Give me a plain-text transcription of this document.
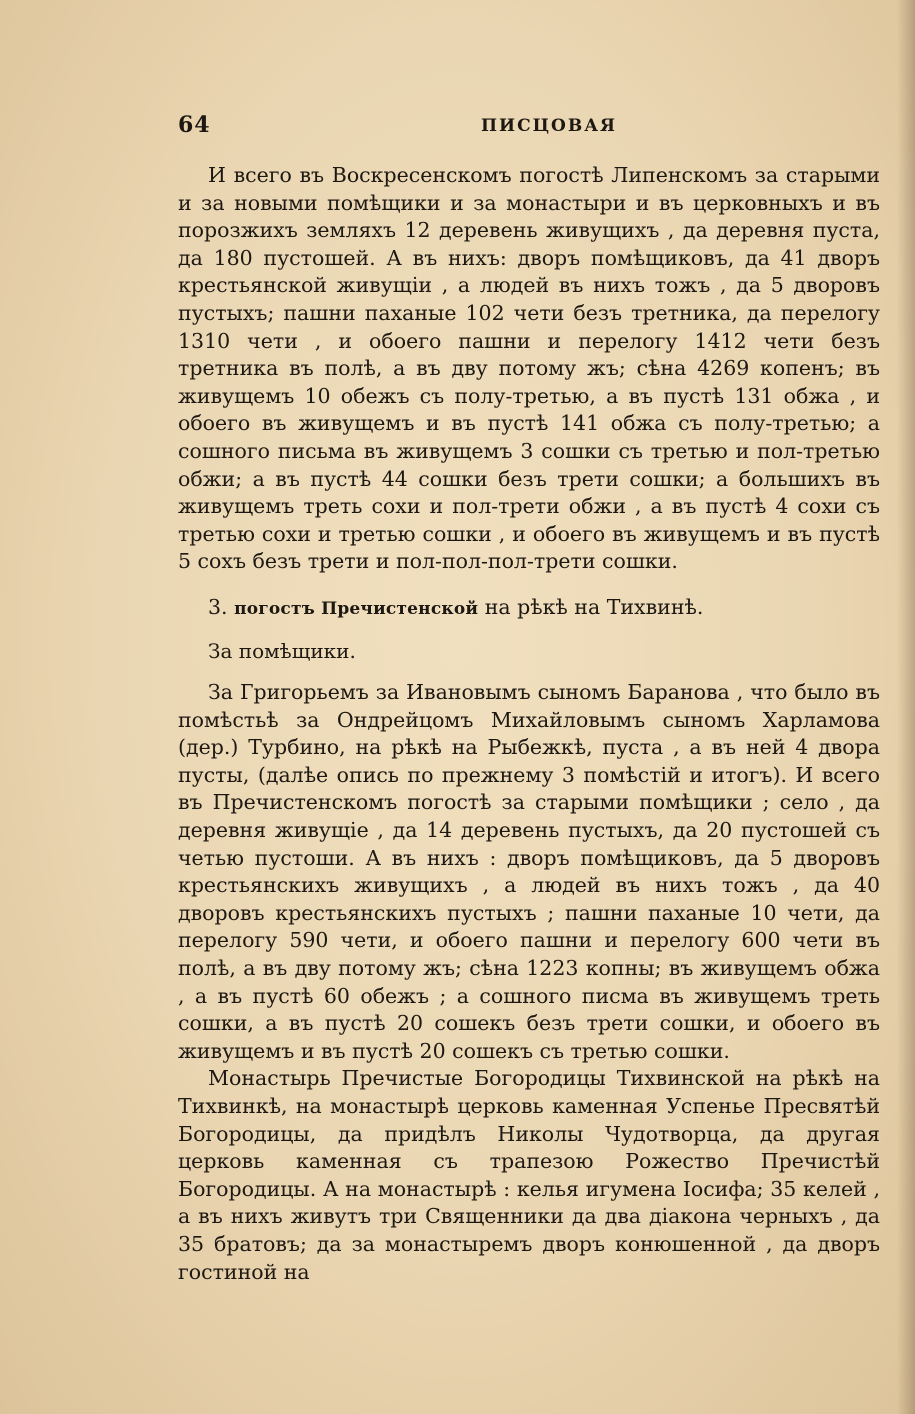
64	ПИСЦОВАЯ

И всего въ Воскресенскомъ погостѣ Липенскомъ за старыми и за новыми помѣщики и за монастыри и въ церковныхъ и въ порозжихъ земляхъ 12 деревень живущихъ , да деревня пуста, да 180 пустошей. А въ нихъ: дворъ помѣщиковъ, да 41 дворъ крестьянской живущіи , а людей въ нихъ тожъ , да 5 дворовъ пустыхъ; пашни паханые 102 чети безъ третника, да перелогу 1310 чети , и обоего пашни и перелогу 1412 чети безъ третника въ полѣ, а въ дву потому жъ; сѣна 4269 копенъ; въ живущемъ 10 обежъ съ полу-третью, а въ пустѣ 131 обжа , и обоего въ живущемъ и въ пустѣ 141 обжа съ полу-третью; а сошного письма въ живущемъ 3 сошки съ третью и пол-третью обжи; а въ пустѣ 44 сошки безъ трети сошки; а большихъ въ живущемъ треть сохи и пол-трети обжи , а въ пустѣ 4 сохи съ третью сохи и третью сошки , и обоего въ живущемъ и въ пустѣ 5 сохъ безъ трети и пол-пол-пол-трети сошки.

3. погостъ Пречистенской на рѣкѣ на Тихвинѣ.

За помѣщики.

За Григорьемъ за Ивановымъ сыномъ Баранова , что было въ помѣстьѣ за Ондрейцомъ Михайловымъ сыномъ Харламова (дер.) Турбино, на рѣкѣ на Рыбежкѣ, пуста , а въ ней 4 двора пусты, (далѣе опись по прежнему 3 помѣстій и итогъ). И всего въ Пречистенскомъ погостѣ за старыми помѣщики ; село , да деревня живущіе , да 14 деревень пустыхъ, да 20 пустошей съ четью пустоши. А въ нихъ : дворъ помѣщиковъ, да 5 дворовъ крестьянскихъ живущихъ , а людей въ нихъ тожъ , да 40 дворовъ крестьянскихъ пустыхъ ; пашни паханые 10 чети, да перелогу 590 чети, и обоего пашни и перелогу 600 чети въ полѣ, а въ дву потому жъ; сѣна 1223 копны; въ живущемъ обжа , а въ пустѣ 60 обежъ ; а сошного писма въ живущемъ треть сошки, а въ пустѣ 20 сошекъ безъ трети сошки, и обоего въ живущемъ и въ пустѣ 20 сошекъ съ третью сошки.

Монастырь Пречистые Богородицы Тихвинской на рѣкѣ на Тихвинкѣ, на монастырѣ церковь каменная Успенье Пресвятѣй Богородицы, да придѣлъ Николы Чудотворца, да другая церковь каменная съ трапезою Рожество Пречистѣй Богородицы. А на монастырѣ : келья игумена Іосифа; 35 келей , а въ нихъ живутъ три Священники да два діакона черныхъ , да 35 братовъ; да за монастыремъ дворъ конюшенной , да дворъ гостиной на
